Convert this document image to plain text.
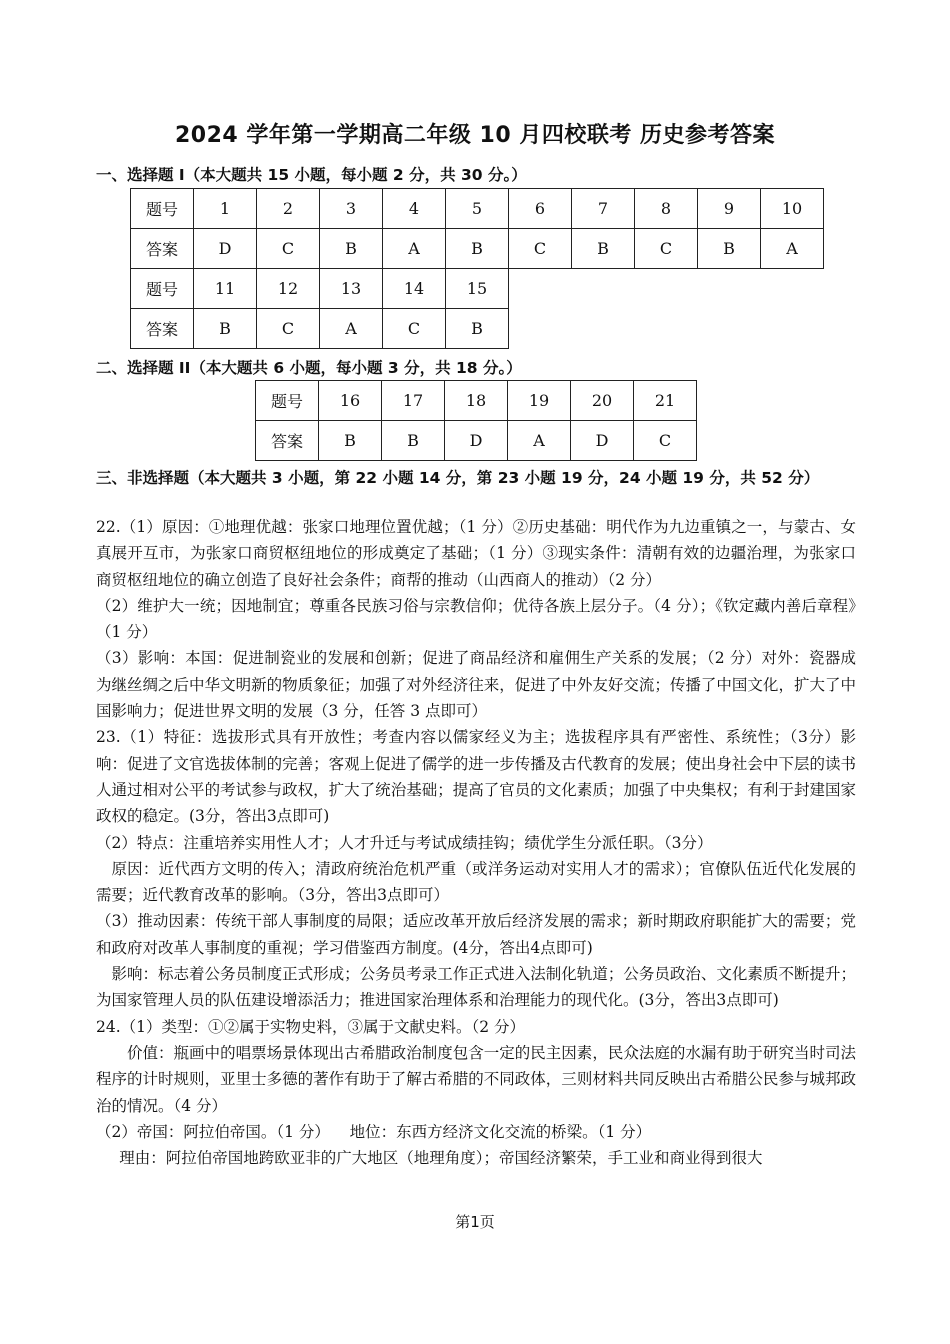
2024 学年第一学期高二年级 10 月四校联考 历史参考答案
一、选择题 I（本大题共 15 小题，每小题 2 分，共 30 分。）
题号	1	2	3	4	5	6	7	8	9	10
答案	D	C	B	A	B	C	B	C	B	A
题号	11	12	13	14	15					
答案	B	C	A	C	B					
二、选择题 II（本大题共 6 小题，每小题 3 分，共 18 分。）
题号	16	17	18	19	20	21
答案	B	B	D	A	D	C
三、非选择题（本大题共 3 小题，第 22 小题 14 分，第 23 小题 19 分，24 小题 19 分，共 52 分）

22.（1）原因：①地理优越：张家口地理位置优越；（1 分）②历史基础：明代作为九边重镇之一，与蒙古、女真展开互市，为张家口商贸枢纽地位的形成奠定了基础；（1 分）③现实条件：清朝有效的边疆治理，为张家口商贸枢纽地位的确立创造了良好社会条件；商帮的推动（山西商人的推动）（2 分）

（2）维护大一统；因地制宜；尊重各民族习俗与宗教信仰；优待各族上层分子。（4 分）；《钦定藏内善后章程》（1 分）

（3）影响：本国：促进制瓷业的发展和创新；促进了商品经济和雇佣生产关系的发展；（2 分）对外：瓷器成为继丝绸之后中华文明新的物质象征；加强了对外经济往来，促进了中外友好交流；传播了中国文化，扩大了中国影响力；促进世界文明的发展（3 分，任答 3 点即可）

23.（1）特征：选拔形式具有开放性；考查内容以儒家经义为主；选拔程序具有严密性、系统性；（3分）影响：促进了文官选拔体制的完善；客观上促进了儒学的进一步传播及古代教育的发展；使出身社会中下层的读书人通过相对公平的考试参与政权，扩大了统治基础；提高了官员的文化素质；加强了中央集权；有利于封建国家政权的稳定。(3分，答出3点即可)

（2）特点：注重培养实用性人才；人才升迁与考试成绩挂钩；绩优学生分派任职。（3分）

原因：近代西方文明的传入；清政府统治危机严重（或洋务运动对实用人才的需求）；官僚队伍近代化发展的需要；近代教育改革的影响。（3分，答出3点即可）

（3）推动因素：传统干部人事制度的局限；适应改革开放后经济发展的需求；新时期政府职能扩大的需要；党和政府对改革人事制度的重视；学习借鉴西方制度。(4分，答出4点即可)

影响：标志着公务员制度正式形成；公务员考录工作正式进入法制化轨道；公务员政治、文化素质不断提升；为国家管理人员的队伍建设增添活力；推进国家治理体系和治理能力的现代化。(3分，答出3点即可)

24.（1）类型：①②属于实物史料，③属于文献史料。（2 分）

价值：瓶画中的唱票场景体现出古希腊政治制度包含一定的民主因素，民众法庭的水漏有助于研究当时司法程序的计时规则，亚里士多德的著作有助于了解古希腊的不同政体，三则材料共同反映出古希腊公民参与城邦政治的情况。（4 分）

（2）帝国：阿拉伯帝国。（1 分）    地位：东西方经济文化交流的桥梁。（1 分）

理由：阿拉伯帝国地跨欧亚非的广大地区（地理角度）；帝国经济繁荣，手工业和商业得到很大

第1页
